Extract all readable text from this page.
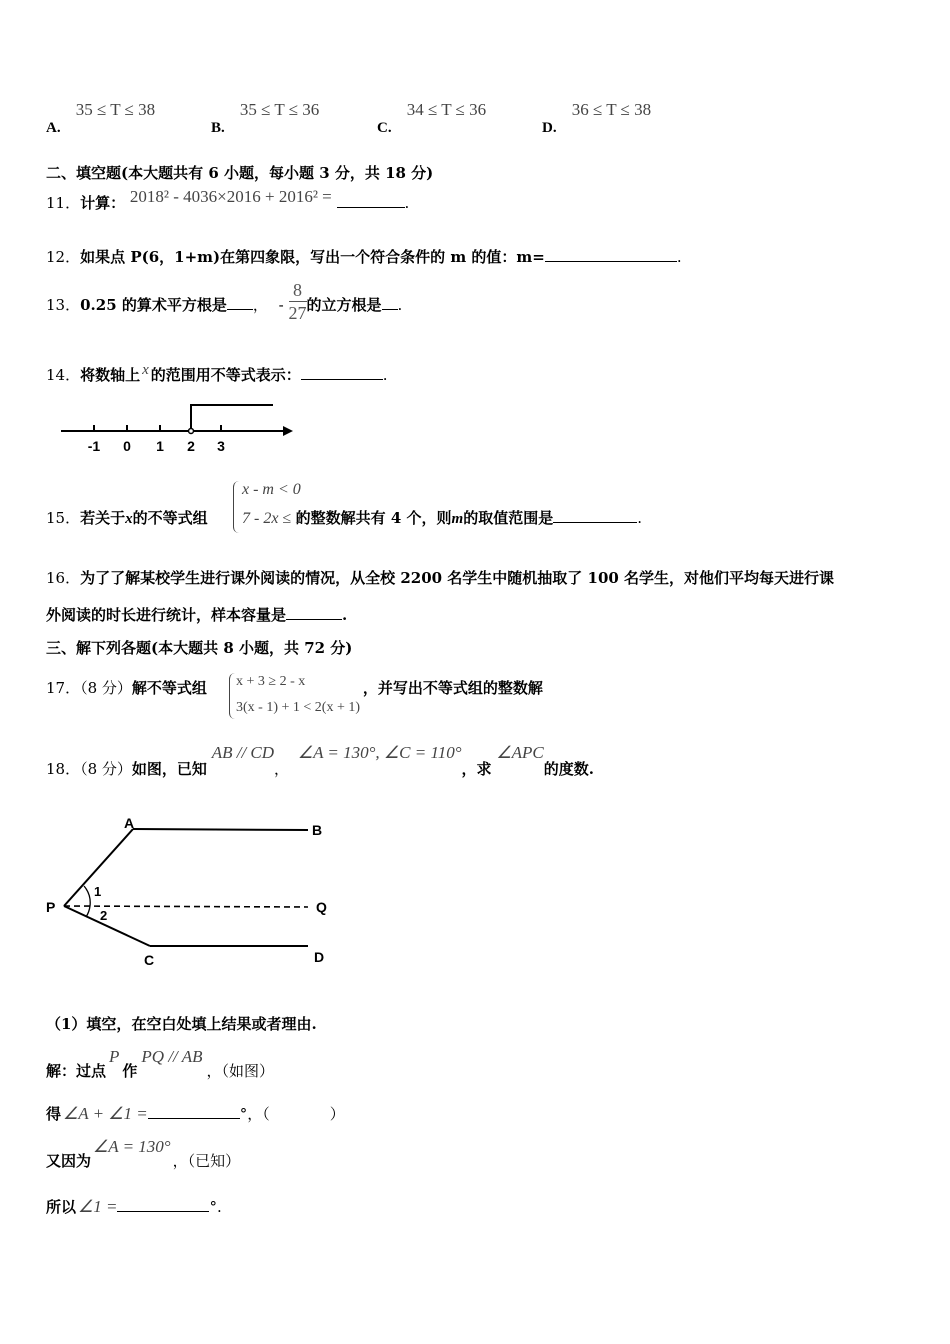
A. 35 ≤ T ≤ 38
B. 35 ≤ T ≤ 36
C. 34 ≤ T ≤ 36
D. 36 ≤ T ≤ 38
二、填空题(本大题共有 6 小题，每小题 3 分，共 18 分)
11．计算： 2018² - 4036×2016 + 2016² =	.
12．如果点 P(6，1+m)在第四象限，写出一个符合条件的 m 的值：m=	.
13．0.25 的算术平方根是 ， - $\frac{8}{27}$ 的立方根是 .
14．将数轴上 x 的范围用不等式表示：	.
-1 0 1 2 3
15．若关于x的不等式组	的整数解共有 4 个，则m的取值范围是	.
x - m < 0
7 - 2x ≤ 1
16．为了了解某校学生进行课外阅读的情况，从全校 2200 名学生中随机抽取了 100 名学生，对他们平均每天进行课
外阅读的时长进行统计，样本容量是	.
三、解下列各题(本大题共 8 小题，共 72 分)
17．（8 分）解不等式组	，并写出不等式组的整数解
x + 3 ≥ 2 - x
3(x - 1) + 1 < 2(x + 1)
18．（8 分）如图，已知 AB // CD， ∠A = 130°, ∠C = 110°，求 ∠APC的度数.
A	B
P	Q
C	D
1
2
（1）填空，在空白处填上结果或者理由.
解：过点P作PQ // AB，（如图）
得 ∠A + ∠1 =	°，（　　　　）
又因为∠A = 130°，（已知）
所以 ∠1 =	°.
